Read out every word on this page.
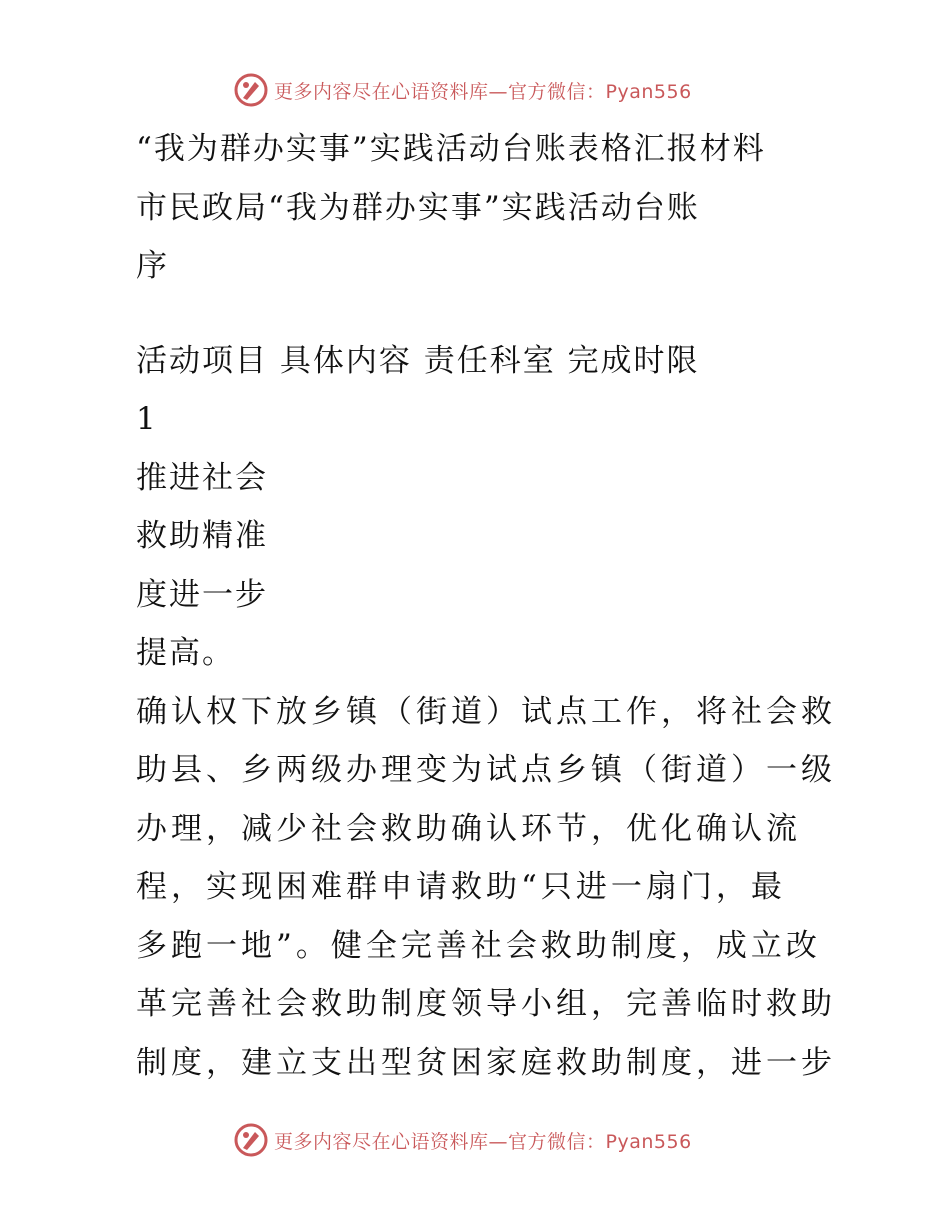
更多内容尽在心语资料库—官方微信：Pyan556

“我为群办实事”实践活动台账表格汇报材料

市民政局“我为群办实事”实践活动台账

序

活动项目 具体内容 责任科室 完成时限

1

推进社会

救助精准

度进一步

提高。

确认权下放乡镇（街道）试点工作，将社会救

助县、乡两级办理变为试点乡镇（街道）一级

办理，减少社会救助确认环节，优化确认流

程，实现困难群申请救助“只进一扇门，最

多跑一地”。健全完善社会救助制度，成立改

革完善社会救助制度领导小组，完善临时救助

制度，建立支出型贫困家庭救助制度，进一步

更多内容尽在心语资料库—官方微信：Pyan556
